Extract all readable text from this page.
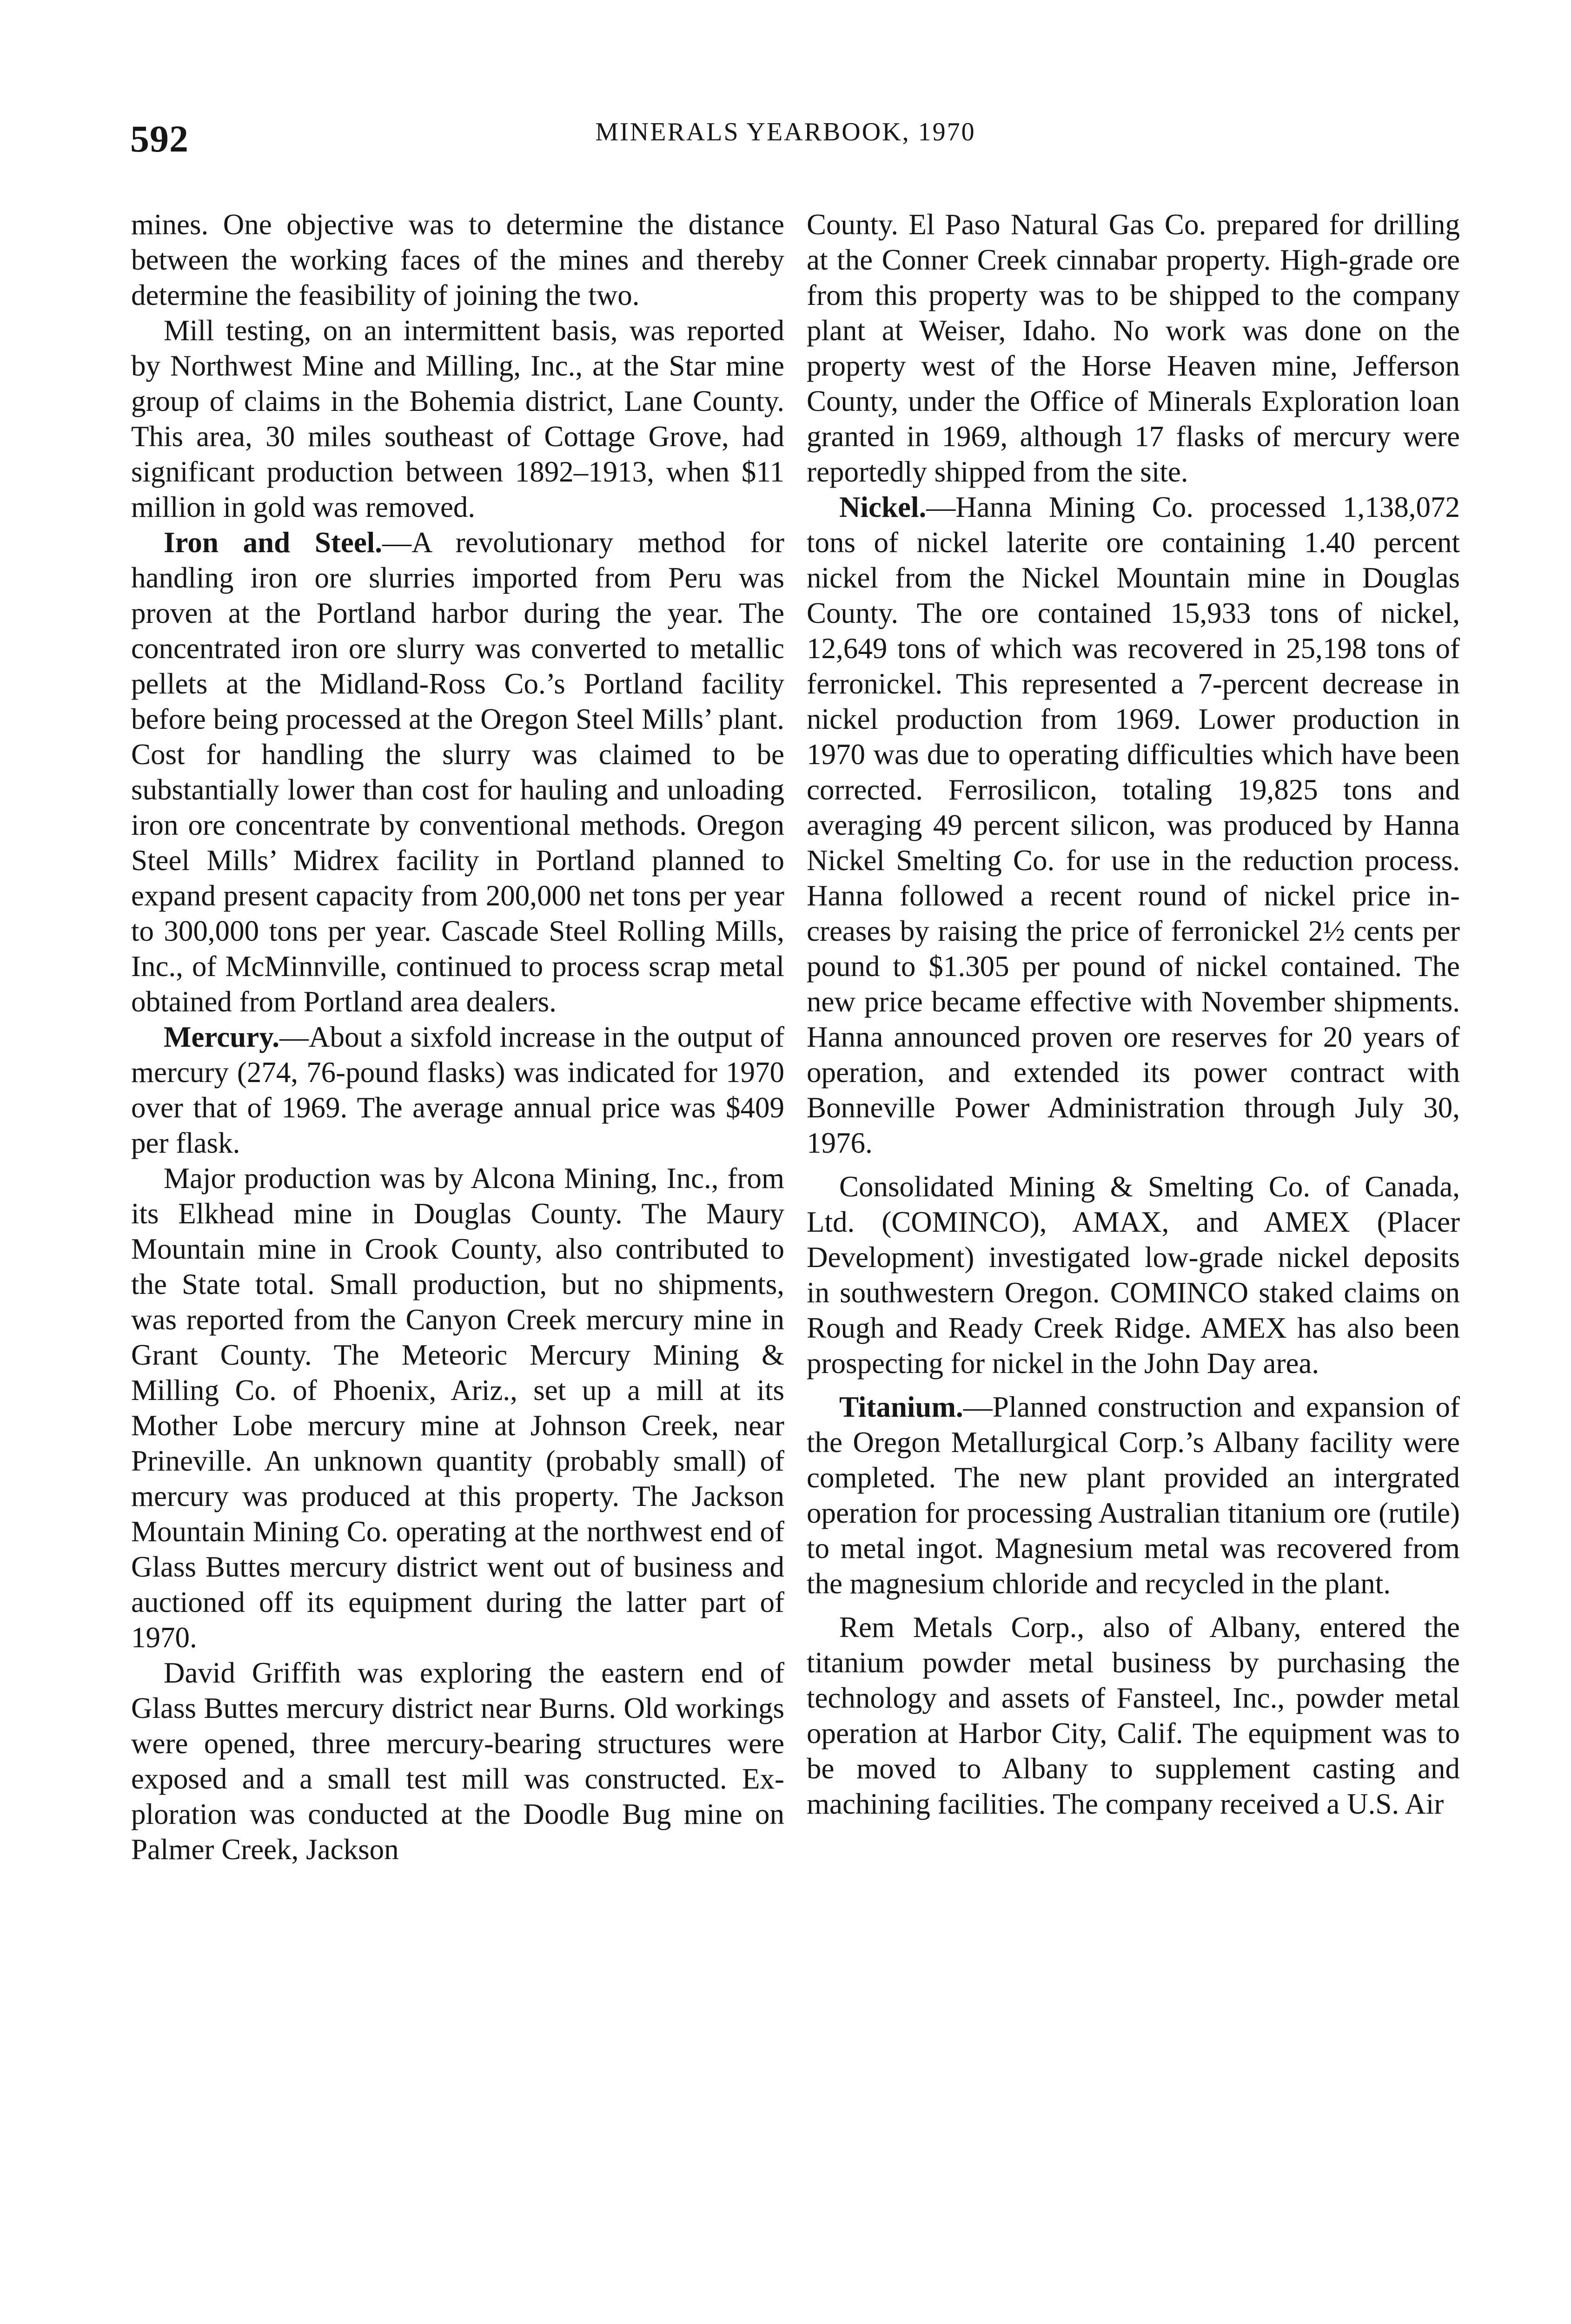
592	MINERALS YEARBOOK, 1970

mines. One objective was to determine the distance between the working faces of the mines and thereby determine the feasibility of joining the two.

Mill testing, on an intermittent basis, was reported by Northwest Mine and Milling, Inc., at the Star mine group of claims in the Bohemia district, Lane County. This area, 30 miles southeast of Cottage Grove, had significant production between 1892–1913, when $11 million in gold was removed.

Iron and Steel.—A revolutionary method for handling iron ore slurries imported from Peru was proven at the Portland harbor during the year. The concentrated iron ore slurry was converted to metallic pellets at the Midland-Ross Co.’s Portland facility before being processed at the Oregon Steel Mills’ plant. Cost for handling the slurry was claimed to be substantially lower than cost for hauling and unloading iron ore concentrate by conventional methods. Oregon Steel Mills’ Midrex facility in Portland planned to expand present capacity from 200,000 net tons per year to 300,000 tons per year. Cascade Steel Rolling Mills, Inc., of McMinnville, continued to process scrap metal obtained from Portland area dealers.

Mercury.—About a sixfold increase in the output of mercury (274, 76-pound flasks) was indicated for 1970 over that of 1969. The average annual price was $409 per flask.

Major production was by Alcona Mining, Inc., from its Elkhead mine in Douglas County. The Maury Mountain mine in Crook County, also contributed to the State total. Small production, but no shipments, was reported from the Canyon Creek mercury mine in Grant County. The Meteoric Mercury Mining & Milling Co. of Phoenix, Ariz., set up a mill at its Mother Lobe mercury mine at Johnson Creek, near Prineville. An unknown quantity (probably small) of mercury was produced at this property. The Jackson Mountain Mining Co. operating at the northwest end of Glass Buttes mercury district went out of business and auctioned off its equipment during the latter part of 1970.

David Griffith was exploring the eastern end of Glass Buttes mercury district near Burns. Old workings were opened, three mercury-bearing structures were exposed and a small test mill was constructed. Exploration was conducted at the Doodle Bug mine on Palmer Creek, Jackson

County. El Paso Natural Gas Co. prepared for drilling at the Conner Creek cinnabar property. High-grade ore from this property was to be shipped to the company plant at Weiser, Idaho. No work was done on the property west of the Horse Heaven mine, Jefferson County, under the Office of Minerals Exploration loan granted in 1969, although 17 flasks of mercury were reportedly shipped from the site.

Nickel.—Hanna Mining Co. processed 1,138,072 tons of nickel laterite ore containing 1.40 percent nickel from the Nickel Mountain mine in Douglas County. The ore contained 15,933 tons of nickel, 12,649 tons of which was recovered in 25,198 tons of ferronickel. This represented a 7-percent decrease in nickel production from 1969. Lower production in 1970 was due to operating difficulties which have been corrected. Ferrosilicon, totaling 19,825 tons and averaging 49 percent silicon, was produced by Hanna Nickel Smelting Co. for use in the reduction process. Hanna followed a recent round of nickel price increases by raising the price of ferronickel 2½ cents per pound to $1.305 per pound of nickel contained. The new price became effective with November shipments. Hanna announced proven ore reserves for 20 years of operation, and extended its power contract with Bonneville Power Administration through July 30, 1976.

Consolidated Mining & Smelting Co. of Canada, Ltd. (COMINCO), AMAX, and AMEX (Placer Development) investigated low-grade nickel deposits in southwestern Oregon. COMINCO staked claims on Rough and Ready Creek Ridge. AMEX has also been prospecting for nickel in the John Day area.

Titanium.—Planned construction and expansion of the Oregon Metallurgical Corp.’s Albany facility were completed. The new plant provided an intergrated operation for processing Australian titanium ore (rutile) to metal ingot. Magnesium metal was recovered from the magnesium chloride and recycled in the plant.

Rem Metals Corp., also of Albany, entered the titanium powder metal business by purchasing the technology and assets of Fansteel, Inc., powder metal operation at Harbor City, Calif. The equipment was to be moved to Albany to supplement casting and machining facilities. The company received a U.S. Air
